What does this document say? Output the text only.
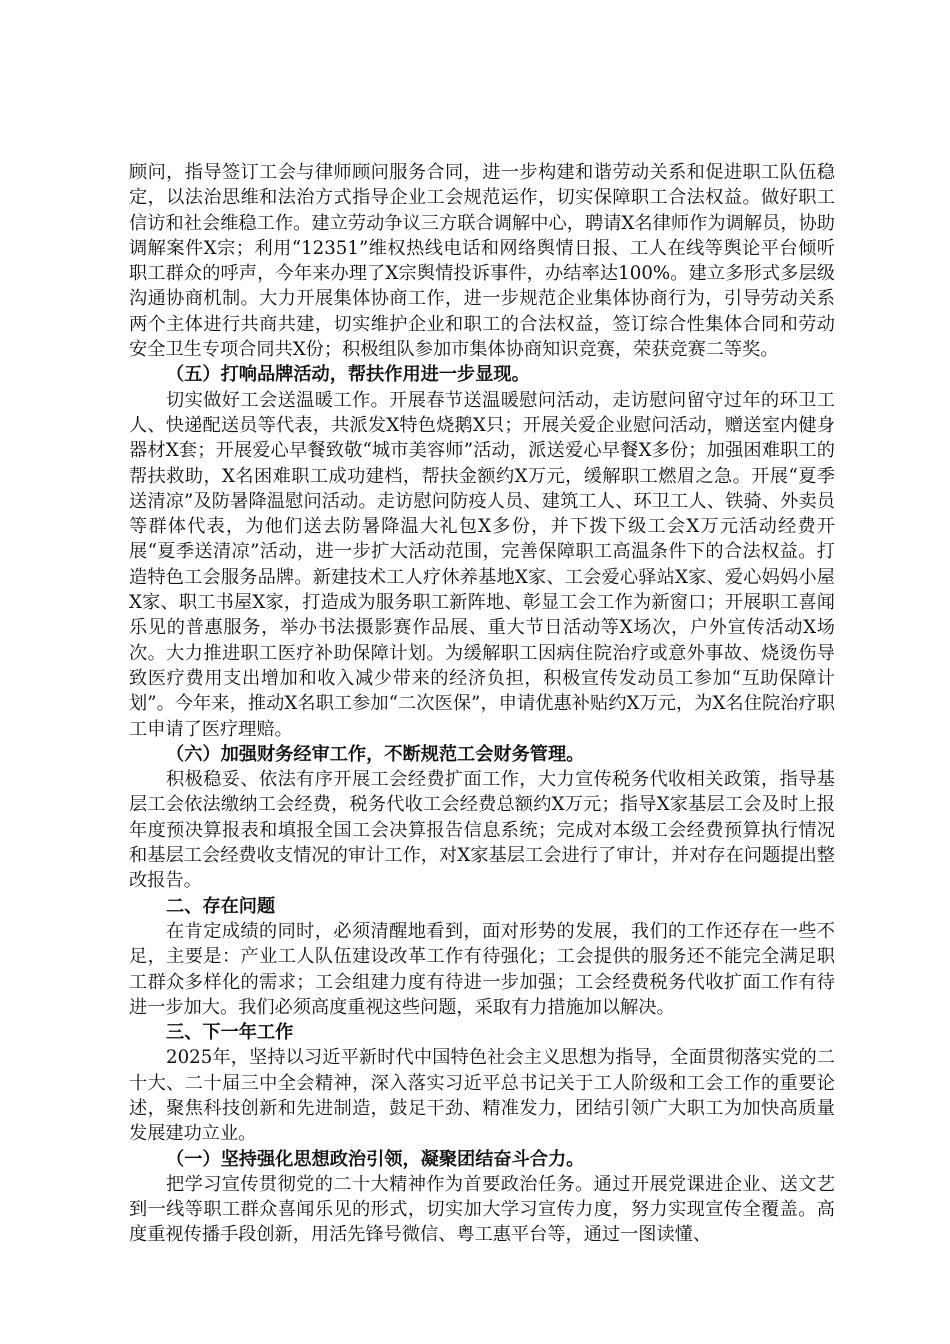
顾问，指导签订工会与律师顾问服务合同，进一步构建和谐劳动关系和促进职工队伍稳定，以法治思维和法治方式指导企业工会规范运作，切实保障职工合法权益。做好职工信访和社会维稳工作。建立劳动争议三方联合调解中心，聘请X名律师作为调解员，协助调解案件X宗；利用“12351”维权热线电话和网络舆情日报、工人在线等舆论平台倾听职工群众的呼声，今年来办理了X宗舆情投诉事件，办结率达100%。建立多形式多层级沟通协商机制。大力开展集体协商工作，进一步规范企业集体协商行为，引导劳动关系两个主体进行共商共建，切实维护企业和职工的合法权益，签订综合性集体合同和劳动安全卫生专项合同共X份；积极组队参加市集体协商知识竞赛，荣获竞赛二等奖。

（五）打响品牌活动，帮扶作用进一步显现。

切实做好工会送温暖工作。开展春节送温暖慰问活动，走访慰问留守过年的环卫工人、快递配送员等代表，共派发X特色烧鹅X只；开展关爱企业慰问活动，赠送室内健身器材X套；开展爱心早餐致敬“城市美容师”活动，派送爱心早餐X多份；加强困难职工的帮扶救助，X名困难职工成功建档，帮扶金额约X万元，缓解职工燃眉之急。开展“夏季送清凉”及防暑降温慰问活动。走访慰问防疫人员、建筑工人、环卫工人、铁骑、外卖员等群体代表，为他们送去防暑降温大礼包X多份，并下拨下级工会X万元活动经费开展“夏季送清凉”活动，进一步扩大活动范围，完善保障职工高温条件下的合法权益。打造特色工会服务品牌。新建技术工人疗休养基地X家、工会爱心驿站X家、爱心妈妈小屋X家、职工书屋X家，打造成为服务职工新阵地、彰显工会工作为新窗口；开展职工喜闻乐见的普惠服务，举办书法摄影赛作品展、重大节日活动等X场次，户外宣传活动X场次。大力推进职工医疗补助保障计划。为缓解职工因病住院治疗或意外事故、烧烫伤导致医疗费用支出增加和收入减少带来的经济负担，积极宣传发动员工参加“互助保障计划”。今年来，推动X名职工参加“二次医保”，申请优惠补贴约X万元，为X名住院治疗职工申请了医疗理赔。

（六）加强财务经审工作，不断规范工会财务管理。

积极稳妥、依法有序开展工会经费扩面工作，大力宣传税务代收相关政策，指导基层工会依法缴纳工会经费，税务代收工会经费总额约X万元；指导X家基层工会及时上报年度预决算报表和填报全国工会决算报告信息系统；完成对本级工会经费预算执行情况和基层工会经费收支情况的审计工作，对X家基层工会进行了审计，并对存在问题提出整改报告。

二、存在问题

在肯定成绩的同时，必须清醒地看到，面对形势的发展，我们的工作还存在一些不足，主要是：产业工人队伍建设改革工作有待强化；工会提供的服务还不能完全满足职工群众多样化的需求；工会组建力度有待进一步加强；工会经费税务代收扩面工作有待进一步加大。我们必须高度重视这些问题，采取有力措施加以解决。

三、下一年工作

2025年，坚持以习近平新时代中国特色社会主义思想为指导，全面贯彻落实党的二十大、二十届三中全会精神，深入落实习近平总书记关于工人阶级和工会工作的重要论述，聚焦科技创新和先进制造，鼓足干劲、精准发力，团结引领广大职工为加快高质量发展建功立业。

（一）坚持强化思想政治引领，凝聚团结奋斗合力。

把学习宣传贯彻党的二十大精神作为首要政治任务。通过开展党课进企业、送文艺到一线等职工群众喜闻乐见的形式，切实加大学习宣传力度，努力实现宣传全覆盖。高度重视传播手段创新，用活先锋号微信、粤工惠平台等，通过一图读懂、
